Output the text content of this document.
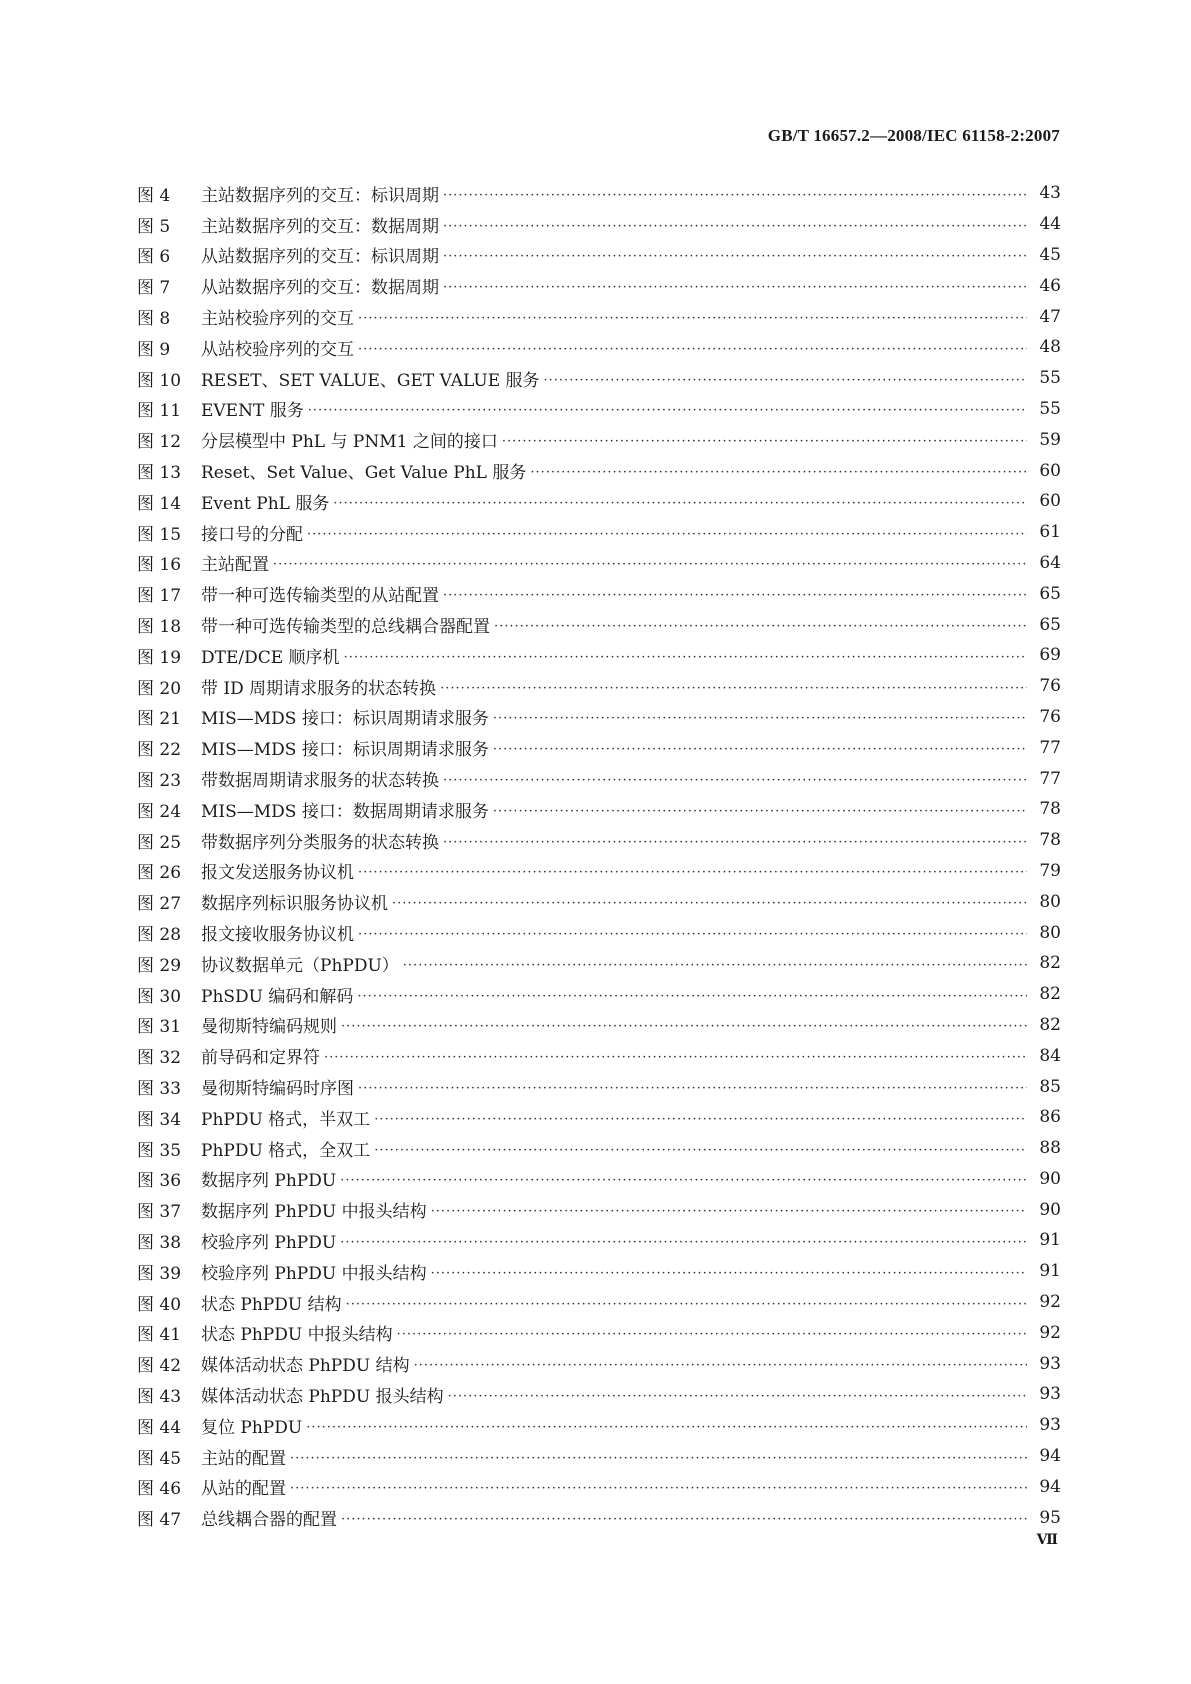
GB/T 16657.2—2008/IEC 61158-2:2007
图 4	主站数据序列的交互：标识周期 ·····	43
图 5	主站数据序列的交互：数据周期 ·····	44
图 6	从站数据序列的交互：标识周期 ·····	45
图 7	从站数据序列的交互：数据周期 ·····	46
图 8	主站校验序列的交互 ·····	47
图 9	从站校验序列的交互 ·····	48
图 10	RESET、SET VALUE、GET VALUE 服务 ·····	55
图 11	EVENT 服务 ·····	55
图 12	分层模型中 PhL 与 PNM1 之间的接口 ·····	59
图 13	Reset、Set Value、Get Value PhL 服务 ·····	60
图 14	Event PhL 服务 ·····	60
图 15	接口号的分配 ·····	61
图 16	主站配置 ·····	64
图 17	带一种可选传输类型的从站配置 ·····	65
图 18	带一种可选传输类型的总线耦合器配置 ·····	65
图 19	DTE/DCE 顺序机 ·····	69
图 20	带 ID 周期请求服务的状态转换 ·····	76
图 21	MIS—MDS 接口：标识周期请求服务 ·····	76
图 22	MIS—MDS 接口：标识周期请求服务 ·····	77
图 23	带数据周期请求服务的状态转换 ·····	77
图 24	MIS—MDS 接口：数据周期请求服务 ·····	78
图 25	带数据序列分类服务的状态转换 ·····	78
图 26	报文发送服务协议机 ·····	79
图 27	数据序列标识服务协议机 ·····	80
图 28	报文接收服务协议机 ·····	80
图 29	协议数据单元（PhPDU） ·····	82
图 30	PhSDU 编码和解码 ·····	82
图 31	曼彻斯特编码规则 ·····	82
图 32	前导码和定界符 ·····	84
图 33	曼彻斯特编码时序图 ·····	85
图 34	PhPDU 格式，半双工 ·····	86
图 35	PhPDU 格式，全双工 ·····	88
图 36	数据序列 PhPDU ·····	90
图 37	数据序列 PhPDU 中报头结构 ·····	90
图 38	校验序列 PhPDU ·····	91
图 39	校验序列 PhPDU 中报头结构 ·····	91
图 40	状态 PhPDU 结构 ·····	92
图 41	状态 PhPDU 中报头结构 ·····	92
图 42	媒体活动状态 PhPDU 结构 ·····	93
图 43	媒体活动状态 PhPDU 报头结构 ·····	93
图 44	复位 PhPDU ·····	93
图 45	主站的配置 ·····	94
图 46	从站的配置 ·····	94
图 47	总线耦合器的配置 ·····	95
Ⅶ
